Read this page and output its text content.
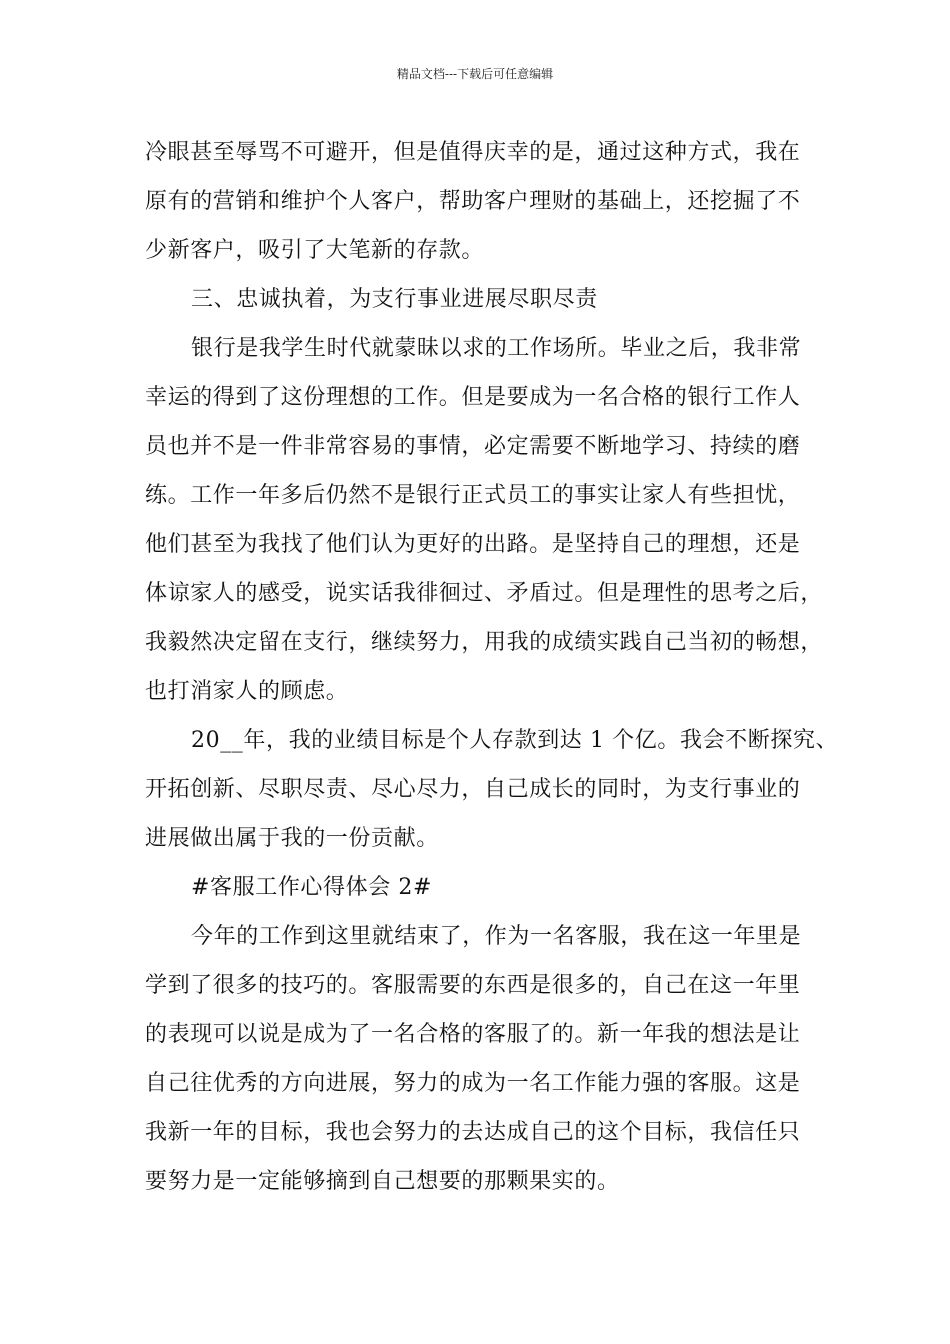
精品文档---下载后可任意编辑
冷眼甚至辱骂不可避开，但是值得庆幸的是，通过这种方式，我在
原有的营销和维护个人客户，帮助客户理财的基础上，还挖掘了不
少新客户，吸引了大笔新的存款。
三、忠诚执着，为支行事业进展尽职尽责
银行是我学生时代就蒙昧以求的工作场所。毕业之后，我非常
幸运的得到了这份理想的工作。但是要成为一名合格的银行工作人
员也并不是一件非常容易的事情，必定需要不断地学习、持续的磨
练。工作一年多后仍然不是银行正式员工的事实让家人有些担忧，
他们甚至为我找了他们认为更好的出路。是坚持自己的理想，还是
体谅家人的感受，说实话我徘徊过、矛盾过。但是理性的思考之后，
我毅然决定留在支行，继续努力，用我的成绩实践自己当初的畅想，
也打消家人的顾虑。
20__年，我的业绩目标是个人存款到达 1 个亿。我会不断探究、
开拓创新、尽职尽责、尽心尽力，自己成长的同时，为支行事业的
进展做出属于我的一份贡献。
#客服工作心得体会 2#
今年的工作到这里就结束了，作为一名客服，我在这一年里是
学到了很多的技巧的。客服需要的东西是很多的，自己在这一年里
的表现可以说是成为了一名合格的客服了的。新一年我的想法是让
自己往优秀的方向进展，努力的成为一名工作能力强的客服。这是
我新一年的目标，我也会努力的去达成自己的这个目标，我信任只
要努力是一定能够摘到自己想要的那颗果实的。
